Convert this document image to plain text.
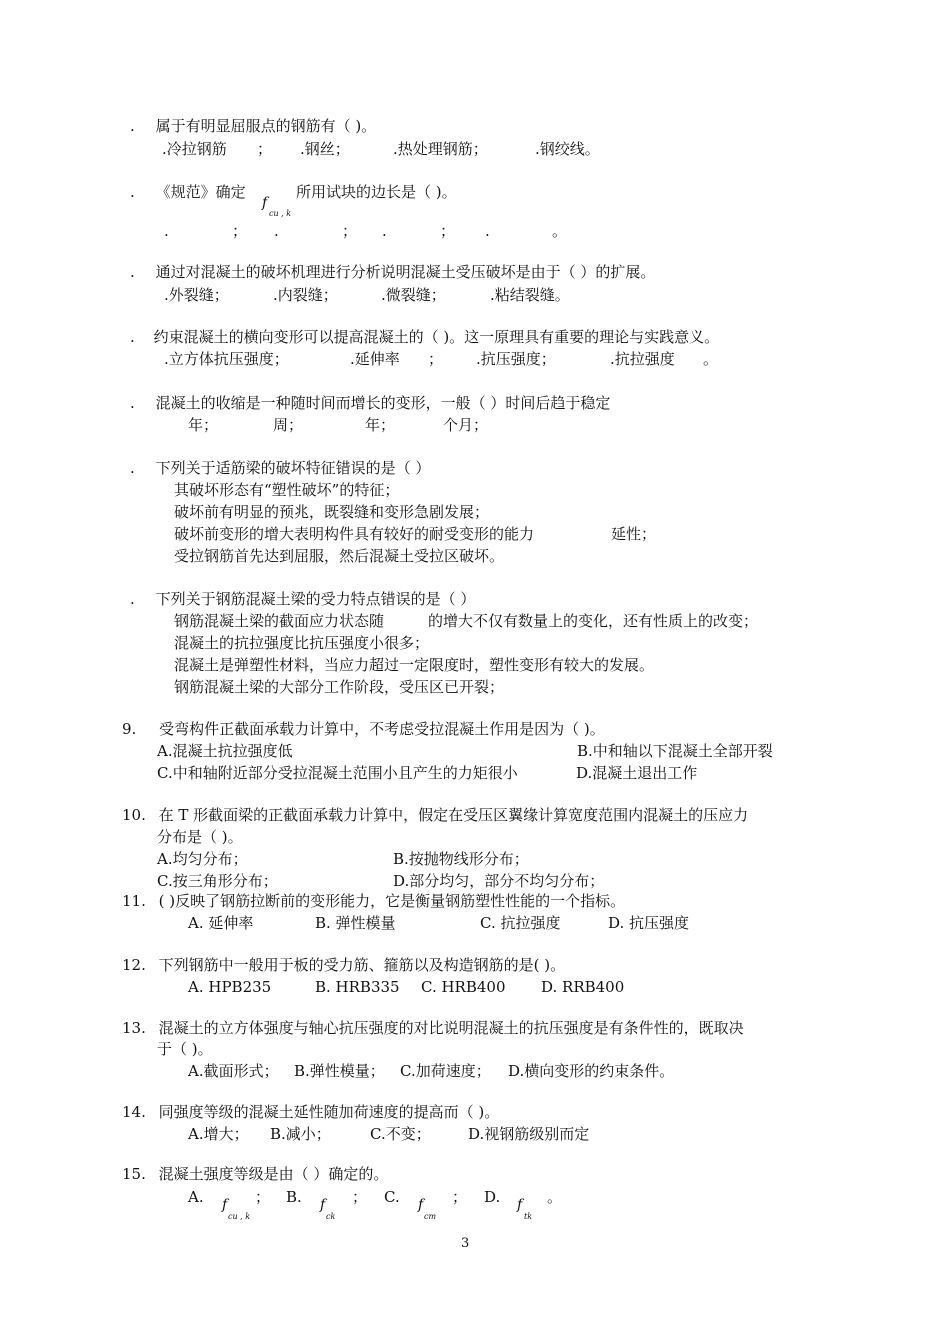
. 属于有明显屈服点的钢筋有（ )。
.冷拉钢筋 ； .钢丝；	.热处理钢筋；	.钢绞线。
. 《规范》确定
f
cu , k
所用试块的边长是（ )。
.	； .	； .	； .	。
. 通过对混凝土的破坏机理进行分析说明混凝土受压破坏是由于（ ）的扩展。
.外裂缝；	.内裂缝；	.微裂缝；	.粘结裂缝。
. 约束混凝土的横向变形可以提高混凝土的（ )。这一原理具有重要的理论与实践意义。
.立方体抗压强度；	.延伸率 ； .抗压强度；	.抗拉强度 。
. 混凝土的收缩是一种随时间而增长的变形，一般（ ）时间后趋于稳定
年；	周；	年；	个月；
. 下列关于适筋梁的破坏特征错误的是（ ）
其破坏形态有“塑性破坏”的特征；
破坏前有明显的预兆，既裂缝和变形急剧发展；
破坏前变形的增大表明构件具有较好的耐受变形的能力	延性；
受拉钢筋首先达到屈服，然后混凝土受拉区破坏。
. 下列关于钢筋混凝土梁的受力特点错误的是（ ）
钢筋混凝土梁的截面应力状态随	的增大不仅有数量上的变化，还有性质上的改变；
混凝土的抗拉强度比抗压强度小很多；
混凝土是弹塑性材料，当应力超过一定限度时，塑性变形有较大的发展。
钢筋混凝土梁的大部分工作阶段，受压区已开裂；
9. 受弯构件正截面承载力计算中，不考虑受拉混凝土作用是因为（ )。
A.混凝土抗拉强度低	B.中和轴以下混凝土全部开裂
C.中和轴附近部分受拉混凝土范围小且产生的力矩很小	D.混凝土退出工作
10. 在 T 形截面梁的正截面承载力计算中，假定在受压区翼缘计算宽度范围内混凝土的压应力
分布是（ )。
A.均匀分布；	B.按抛物线形分布；
C.按三角形分布；	D.部分均匀，部分不均匀分布；
11. ( )反映了钢筋拉断前的变形能力，它是衡量钢筋塑性性能的一个指标。
A. 延伸率	B. 弹性模量	C. 抗拉强度	D. 抗压强度
12. 下列钢筋中一般用于板的受力筋、箍筋以及构造钢筋的是( )。
A. HPB235	B. HRB335 C. HRB400 D. RRB400
13. 混凝土的立方体强度与轴心抗压强度的对比说明混凝土的抗压强度是有条件性的，既取决
于（ )。
A.截面形式； B.弹性模量； C.加荷速度； D.横向变形的约束条件。
14. 同强度等级的混凝土延性随加荷速度的提高而（ )。
A.增大； B.减小；	C.不变； D.视钢筋级别而定
15. 混凝土强度等级是由（ ）确定的。
A. f
cu , k
； B. f
ck
； C. f
cm
； D. f
tk
。
3
